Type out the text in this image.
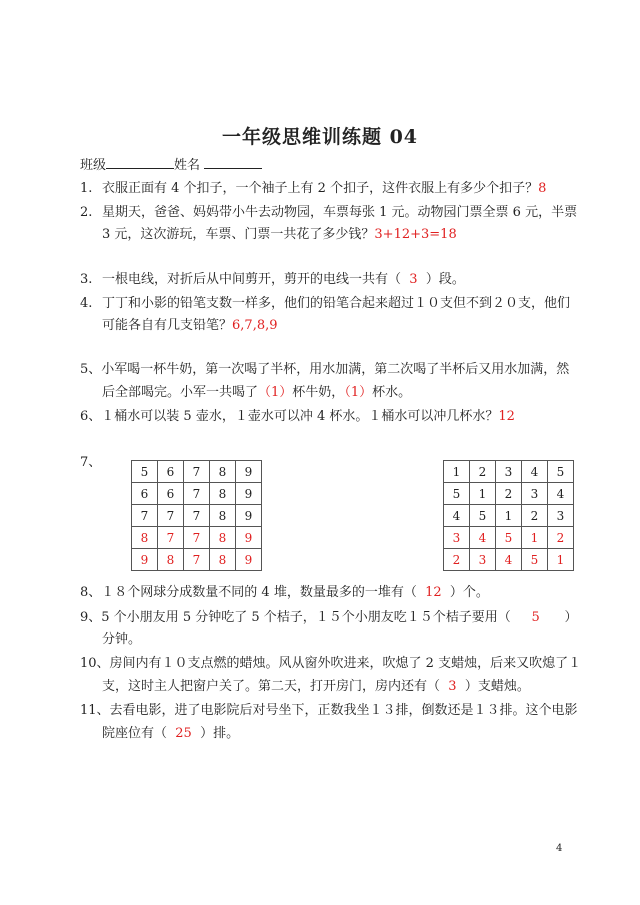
一年级思维训练题 04
班级	姓名
1. 衣服正面有 4 个扣子，一个袖子上有 2 个扣子，这件衣服上有多少个扣子？8
2. 星期天，爸爸、妈妈带小牛去动物园，车票每张 1 元。动物园门票全票 6 元，半票
3 元，这次游玩，车票、门票一共花了多少钱？3+12+3=18
3. 一根电线，对折后从中间剪开，剪开的电线一共有（ 3 ）段。
4. 丁丁和小影的铅笔支数一样多，他们的铅笔合起来超过１０支但不到２０支，他们
可能各自有几支铅笔？6,7,8,9
5、小军喝一杯牛奶，第一次喝了半杯，用水加满，第二次喝了半杯后又用水加满，然
后全部喝完。小军一共喝了（1）杯牛奶，（1）杯水。
6、１桶水可以装 5 壶水，１壶水可以冲 4 杯水。１桶水可以冲几杯水？12
7、
5	6	7	8	9
6	6	7	8	9
7	7	7	8	9
8	7	7	8	9
9	8	7	8	9
1	2	3	4	5
5	1	2	3	4
4	5	1	2	3
3	4	5	1	2
2	3	4	5	1
8、１８个网球分成数量不同的 4 堆，数量最多的一堆有（ 12 ）个。
9、5 个小朋友用 5 分钟吃了 5 个桔子，１５个小朋友吃１５个桔子要用（ 5 ）
分钟。
10、房间内有１０支点燃的蜡烛。风从窗外吹进来，吹熄了 2 支蜡烛，后来又吹熄了１
支，这时主人把窗户关了。第二天，打开房门，房内还有（ 3 ）支蜡烛。
11、去看电影，进了电影院后对号坐下，正数我坐１３排，倒数还是１３排。这个电影
院座位有（ 25 ）排。
4
